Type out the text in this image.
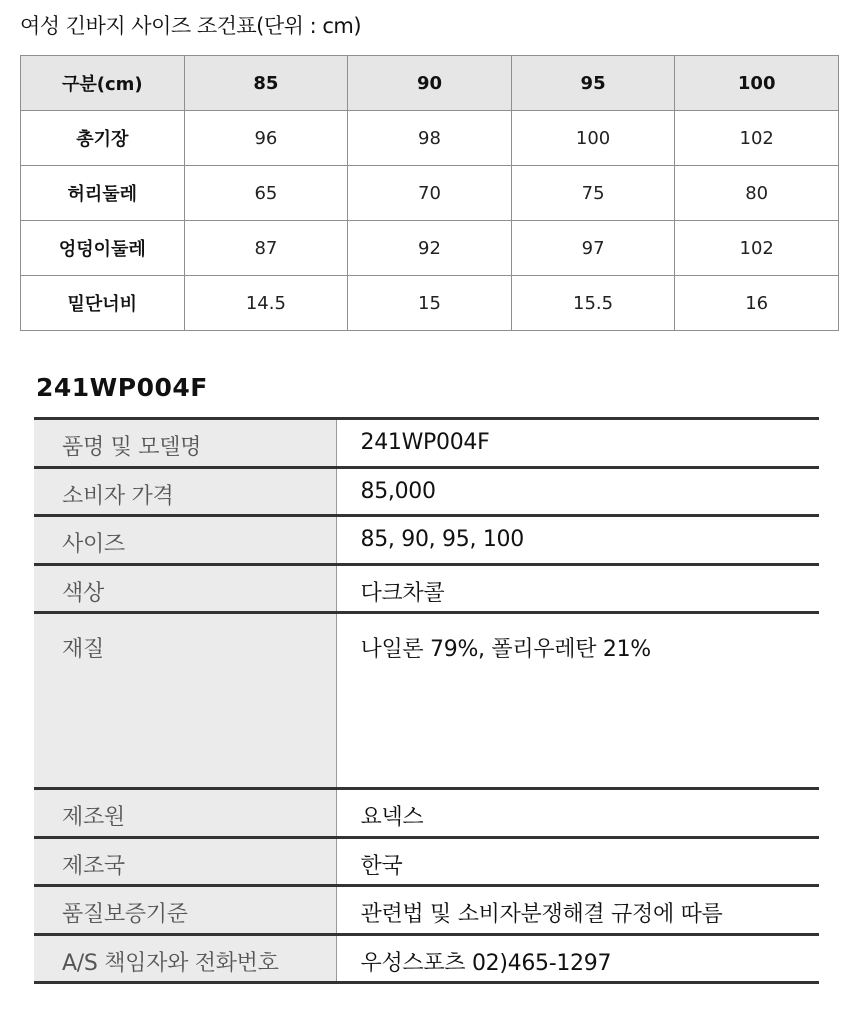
여성 긴바지 사이즈 조건표(단위 : cm)
구분(cm)	85	90	95	100
총기장	96	98	100	102
허리둘레	65	70	75	80
엉덩이둘레	87	92	97	102
밑단너비	14.5	15	15.5	16
241WP004F
품명 및 모델명	241WP004F

소비자 가격	85,000

사이즈	85, 90, 95, 100

색상	다크차콜

재질	나일론 79%, 폴리우레탄 21%

제조원	요넥스

제조국	한국

품질보증기준	관련법 및 소비자분쟁해결 규정에 따름

A/S 책임자와 전화번호	우성스포츠 02)465-1297
